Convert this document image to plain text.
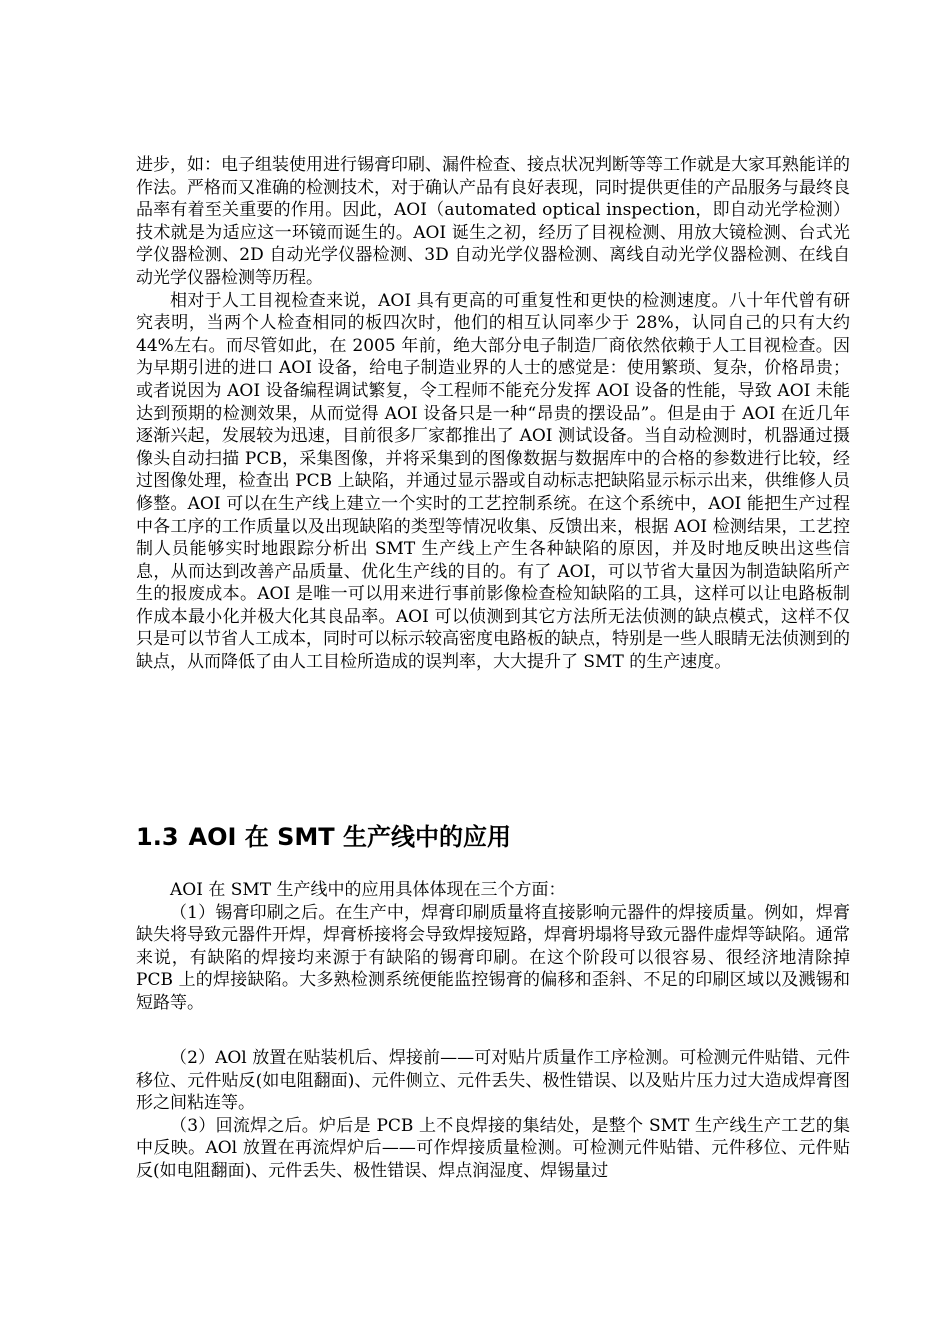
进步，如：电子组装使用进行锡膏印刷、漏件检查、接点状况判断等等工作就是大家耳熟能详的作法。严格而又准确的检测技术，对于确认产品有良好表现，同时提供更佳的产品服务与最终良品率有着至关重要的作用。因此，AOI（automated optical inspection，即自动光学检测）技术就是为适应这一环镜而诞生的。AOI 诞生之初，经历了目视检测、用放大镜检测、台式光学仪器检测、2D 自动光学仪器检测、3D 自动光学仪器检测、离线自动光学仪器检测、在线自动光学仪器检测等历程。

相对于人工目视检查来说，AOI 具有更高的可重复性和更快的检测速度。八十年代曾有研究表明，当两个人检查相同的板四次时，他们的相互认同率少于 28%，认同自己的只有大约 44%左右。而尽管如此，在 2005 年前，绝大部分电子制造厂商依然依赖于人工目视检查。因为早期引进的进口 AOI 设备，给电子制造业界的人士的感觉是：使用繁琐、复杂，价格昂贵；或者说因为 AOI 设备编程调试繁复，令工程师不能充分发挥 AOI 设备的性能，导致 AOI 未能达到预期的检测效果，从而觉得 AOI 设备只是一种“昂贵的摆设品”。但是由于 AOI 在近几年逐渐兴起，发展较为迅速，目前很多厂家都推出了 AOI 测试设备。当自动检测时，机器通过摄像头自动扫描 PCB，采集图像，并将采集到的图像数据与数据库中的合格的参数进行比较，经过图像处理，检查出 PCB 上缺陷，并通过显示器或自动标志把缺陷显示标示出来，供维修人员修整。AOI 可以在生产线上建立一个实时的工艺控制系统。在这个系统中，AOI 能把生产过程中各工序的工作质量以及出现缺陷的类型等情况收集、反馈出来，根据 AOI 检测结果，工艺控制人员能够实时地跟踪分析出 SMT 生产线上产生各种缺陷的原因，并及时地反映出这些信息，从而达到改善产品质量、优化生产线的目的。有了 AOI，可以节省大量因为制造缺陷所产生的报废成本。AOI 是唯一可以用来进行事前影像检查检知缺陷的工具，这样可以让电路板制作成本最小化并极大化其良品率。AOI 可以侦测到其它方法所无法侦测的缺点模式，这样不仅只是可以节省人工成本，同时可以标示较高密度电路板的缺点，特别是一些人眼睛无法侦测到的缺点，从而降低了由人工目检所造成的误判率，大大提升了 SMT 的生产速度。

1.3 AOI 在 SMT 生产线中的应用

AOI 在 SMT 生产线中的应用具体体现在三个方面：

（1）锡膏印刷之后。在生产中，焊膏印刷质量将直接影响元器件的焊接质量。例如，焊膏缺失将导致元器件开焊，焊膏桥接将会导致焊接短路，焊膏坍塌将导致元器件虚焊等缺陷。通常来说，有缺陷的焊接均来源于有缺陷的锡膏印刷。在这个阶段可以很容易、很经济地清除掉 PCB 上的焊接缺陷。大多熟检测系统便能监控锡膏的偏移和歪斜、不足的印刷区域以及溅锡和短路等。

（2）AOl 放置在贴装机后、焊接前——可对贴片质量作工序检测。可检测元件贴错、元件移位、元件贴反(如电阻翻面)、元件侧立、元件丢失、极性错误、以及贴片压力过大造成焊膏图形之间粘连等。

（3）回流焊之后。炉后是 PCB 上不良焊接的集结处，是整个 SMT 生产线生产工艺的集中反映。AOl 放置在再流焊炉后——可作焊接质量检测。可检测元件贴错、元件移位、元件贴反(如电阻翻面)、元件丢失、极性错误、焊点润湿度、焊锡量过
